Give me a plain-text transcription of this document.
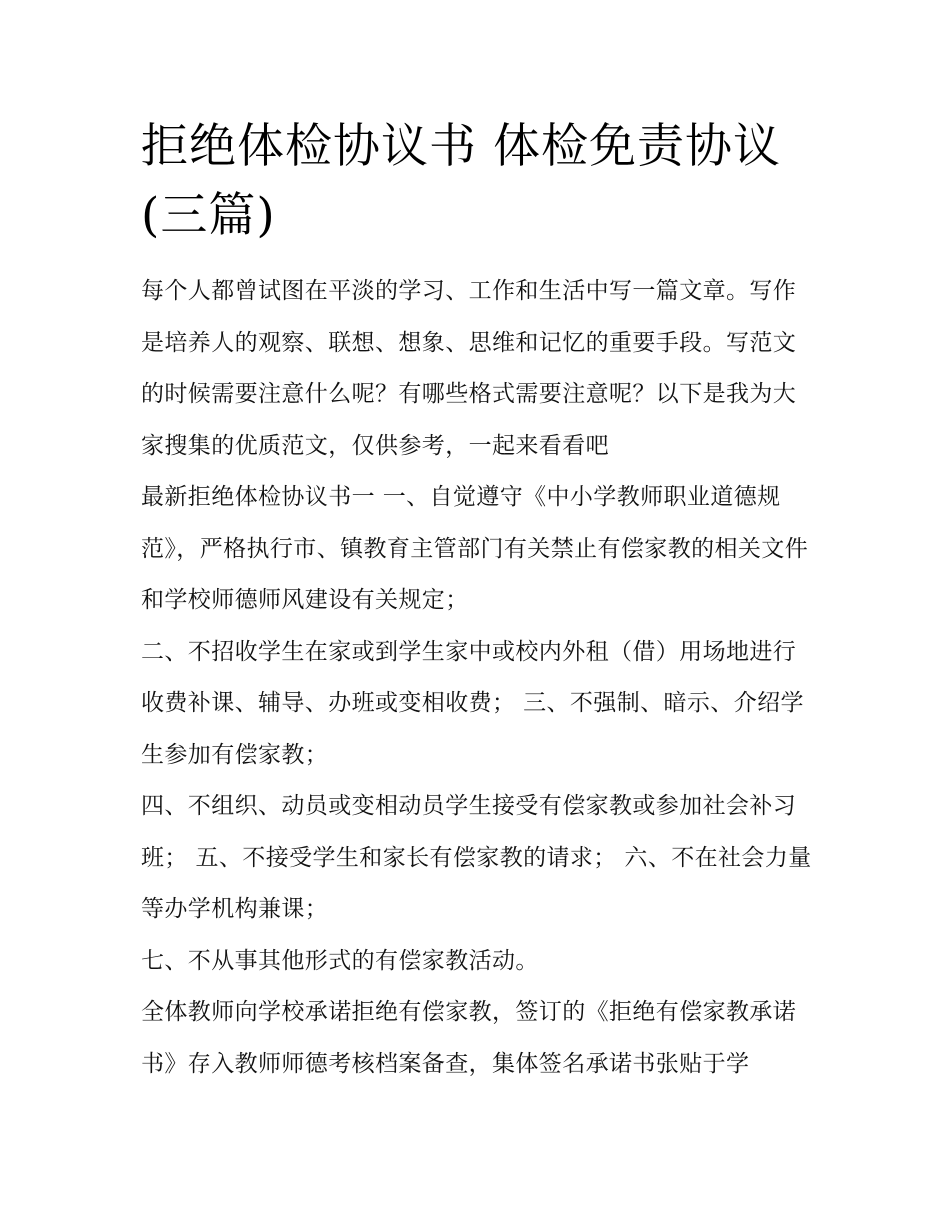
拒绝体检协议书 体检免责协议
(三篇)

每个人都曾试图在平淡的学习、工作和生活中写一篇文章。写作是培养人的观察、联想、想象、思维和记忆的重要手段。写范文的时候需要注意什么呢？有哪些格式需要注意呢？以下是我为大家搜集的优质范文，仅供参考，一起来看看吧

最新拒绝体检协议书一 一、自觉遵守《中小学教师职业道德规范》，严格执行市、镇教育主管部门有关禁止有偿家教的相关文件和学校师德师风建设有关规定；

二、不招收学生在家或到学生家中或校内外租（借）用场地进行收费补课、辅导、办班或变相收费； 三、不强制、暗示、介绍学生参加有偿家教；

四、不组织、动员或变相动员学生接受有偿家教或参加社会补习班； 五、不接受学生和家长有偿家教的请求； 六、不在社会力量等办学机构兼课；

七、不从事其他形式的有偿家教活动。

全体教师向学校承诺拒绝有偿家教，签订的《拒绝有偿家教承诺书》存入教师师德考核档案备查，集体签名承诺书张贴于学
